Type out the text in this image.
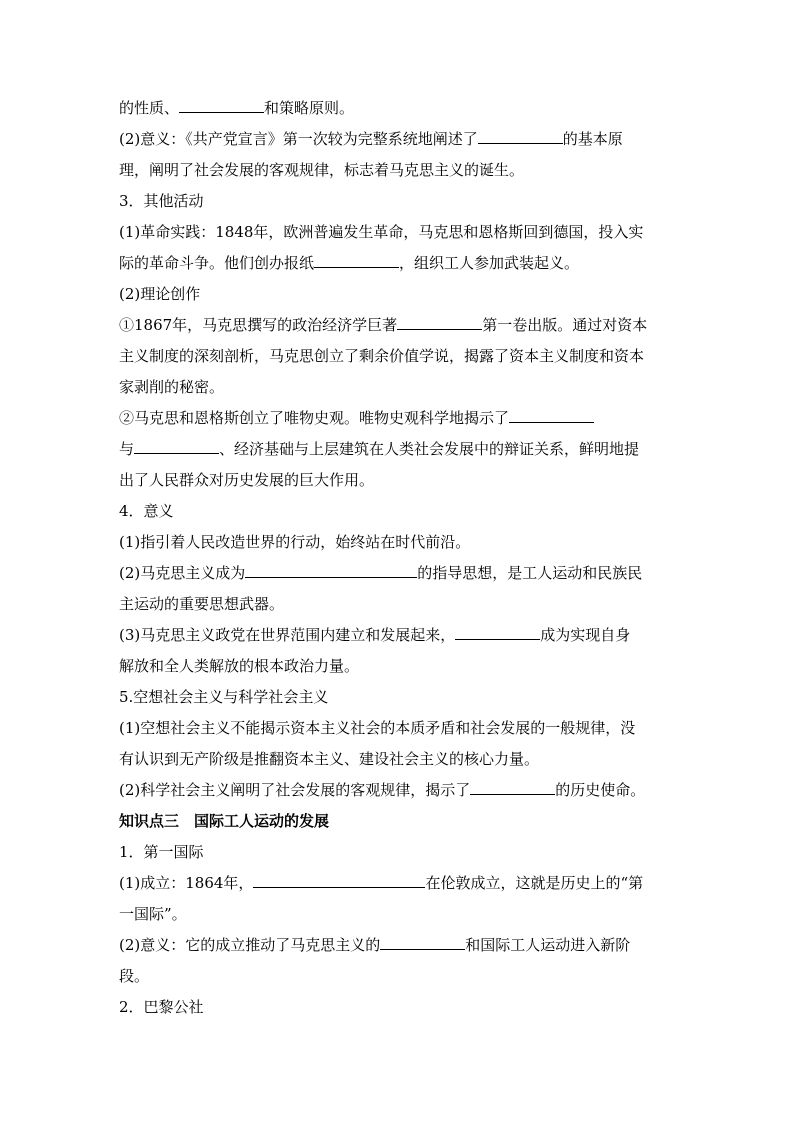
的性质、	和策略原则。
(2)意义：《共产党宣言》第一次较为完整系统地阐述了	的基本原
理，阐明了社会发展的客观规律，标志着马克思主义的诞生。
3．其他活动
(1)革命实践：1848年，欧洲普遍发生革命，马克思和恩格斯回到德国，投入实
际的革命斗争。他们创办报纸	，组织工人参加武装起义。
(2)理论创作
①1867年，马克思撰写的政治经济学巨著	第一卷出版。通过对资本
主义制度的深刻剖析，马克思创立了剩余价值学说，揭露了资本主义制度和资本
家剥削的秘密。
②马克思和恩格斯创立了唯物史观。唯物史观科学地揭示了
与	、经济基础与上层建筑在人类社会发展中的辩证关系，鲜明地提
出了人民群众对历史发展的巨大作用。
4．意义
(1)指引着人民改造世界的行动，始终站在时代前沿。
(2)马克思主义成为	的指导思想，是工人运动和民族民
主运动的重要思想武器。
(3)马克思主义政党在世界范围内建立和发展起来，	成为实现自身
解放和全人类解放的根本政治力量。
5.空想社会主义与科学社会主义
(1)空想社会主义不能揭示资本主义社会的本质矛盾和社会发展的一般规律，没
有认识到无产阶级是推翻资本主义、建设社会主义的核心力量。
(2)科学社会主义阐明了社会发展的客观规律，揭示了	的历史使命。
知识点三　国际工人运动的发展
1．第一国际
(1)成立：1864年，	在伦敦成立，这就是历史上的“第
一国际”。
(2)意义：它的成立推动了马克思主义的	和国际工人运动进入新阶
段。
2．巴黎公社
